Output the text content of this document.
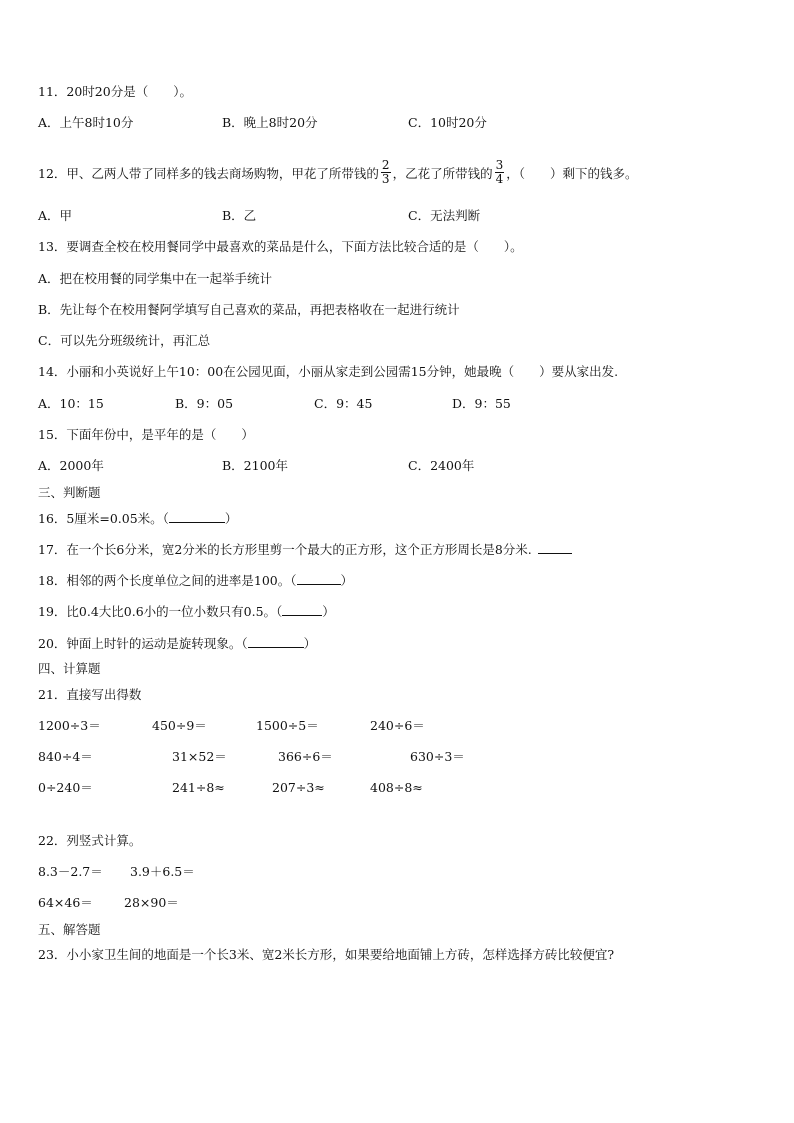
11．20时20分是（　　）。
A．上午8时10分	B．晚上8时20分	C．10时20分
12．甲、乙两人带了同样多的钱去商场购物，甲花了所带钱的 $\frac{2}{3}$ ，乙花了所带钱的 $\frac{3}{4}$ ，（　　）剩下的钱多。
A．甲	B．乙	C．无法判断
13．要调查全校在校用餐同学中最喜欢的菜品是什么，下面方法比较合适的是（　　）。
A．把在校用餐的同学集中在一起举手统计
B．先让每个在校用餐阿学填写自己喜欢的菜品，再把表格收在一起进行统计
C．可以先分班级统计，再汇总
14．小丽和小英说好上午10：00在公园见面，小丽从家走到公园需15分钟，她最晚（　　）要从家出发.
A．10：15	B．9：05	C．9：45	D．9：55
15．下面年份中，是平年的是（　　）
A．2000年	B．2100年	C．2400年
三、判断题
16．5厘米=0.05米。（	）
17．在一个长6分米，宽2分米的长方形里剪一个最大的正方形，这个正方形周长是8分米.
18．相邻的两个长度单位之间的进率是100。（	）
19．比0.4大比0.6小的一位小数只有0.5。（	）
20．钟面上时针的运动是旋转现象。（	）
四、计算题
21．直接写出得数
1200÷3＝	450÷9＝	1500÷5＝	240÷6＝
840÷4＝	31×52＝	366÷6＝	630÷3＝
0÷240＝	241÷8≈	207÷3≈	408÷8≈
22．列竖式计算。
8.3－2.7＝ 3.9＋6.5＝
64×46＝ 28×90＝
五、解答题
23．小小家卫生间的地面是一个长3米、宽2米长方形，如果要给地面铺上方砖，怎样选择方砖比较便宜?
